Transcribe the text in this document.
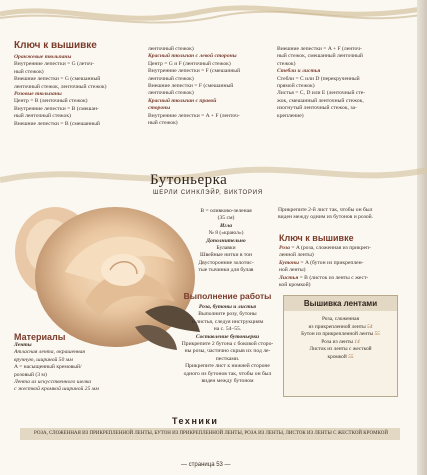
Ключ к вышивке
Оранжевые тюльпаны
Внутренние лепестки = G (леточ-
ный стежок)
Внешние лепестки = G (смешанный
ленточный стежок, ленточный стежок)
Розовые тюльпаны
Центр = B (ленточный стежок)
Внутренние лепестки = B (смешан-
ный ленточный стежок)
Внешние лепестки = B (смешанный
ленточный стежок)
Красный тюльпан с левой стороны
Центр = G и F (ленточный стежок)
Внутренние лепестки = F (смешанный
ленточный стежок)
Внешние лепестки = F (смешанный
ленточный стежок)
Красный тюльпан с правой
стороны
Внутренние лепестки = A + F (ленточ-
ный стежок)
Внешние лепестки = A + F (ленточ-
ный стежок, смешанный ленточный
стежок)
Стебли и листья
Стебли = C или D (перекрученный
прямой стежок)
Листья = C, D или E (ленточный сте-
жок, смешанный ленточный стежок,
изогнутый ленточный стежок, за-
крепление)
Бутоньерка
ШЕРЛИ СИНКЛЭЙР, ВИКТОРИЯ
Материалы
Ленты
Атласная лента, окрашенная
вручную, шириной 50 мм
A = насыщенный кремовый/
розовый (3 м)
Лента из искусственного шелка
с жесткой кромкой шириной 25 мм
B = оливково-зеленая
(35 см)
Игла
№ 8 («краюл»)
Дополнительно
Булавки
Швейные нитки в тон
Двусторонние золотис-
тые тычинки для булав
Выполнение работы
Роза, бутоны и листья
Выполните розу, бутоны
и листья, следуя инструкциям
на с. 54–55.
Составление бутоньерки
Прикрепите 2 бутона с боковой сторо-
ны розы, частично скрыв их под ле-
пестками.
Прикрепите лист к нижней стороне
одного из бутонов так, чтобы он был
виден между бутоном
Прикрепите 2-й лист так, чтобы он был
виден между одним из бутонов и розой.
Ключ к вышивке
Роза = A (роза, сложенная из прикреп-
ленной ленты)
Бутоны = A (бутон из прикреплен-
ной ленты)
Листья = B (листок из ленты с жест-
кой кромкой)
Вышивка лентами
Роза, сложенная
из прикрепленной ленты 54
Бутон из прикрепленной ленты 55
Роза из ленты 14
Листок из ленты с жесткой
кромкой 55
Техники
РОЗА, СЛОЖЕННАЯ ИЗ ПРИКРЕПЛЕННОЙ ЛЕНТЫ, БУТОН ИЗ ПРИКРЕПЛЕННОЙ ЛЕНТЫ, РОЗА ИЗ ЛЕНТЫ, ЛИСТОК ИЗ ЛЕНТЫ С ЖЕСТКОЙ КРОМКОЙ
— страница 53 —
